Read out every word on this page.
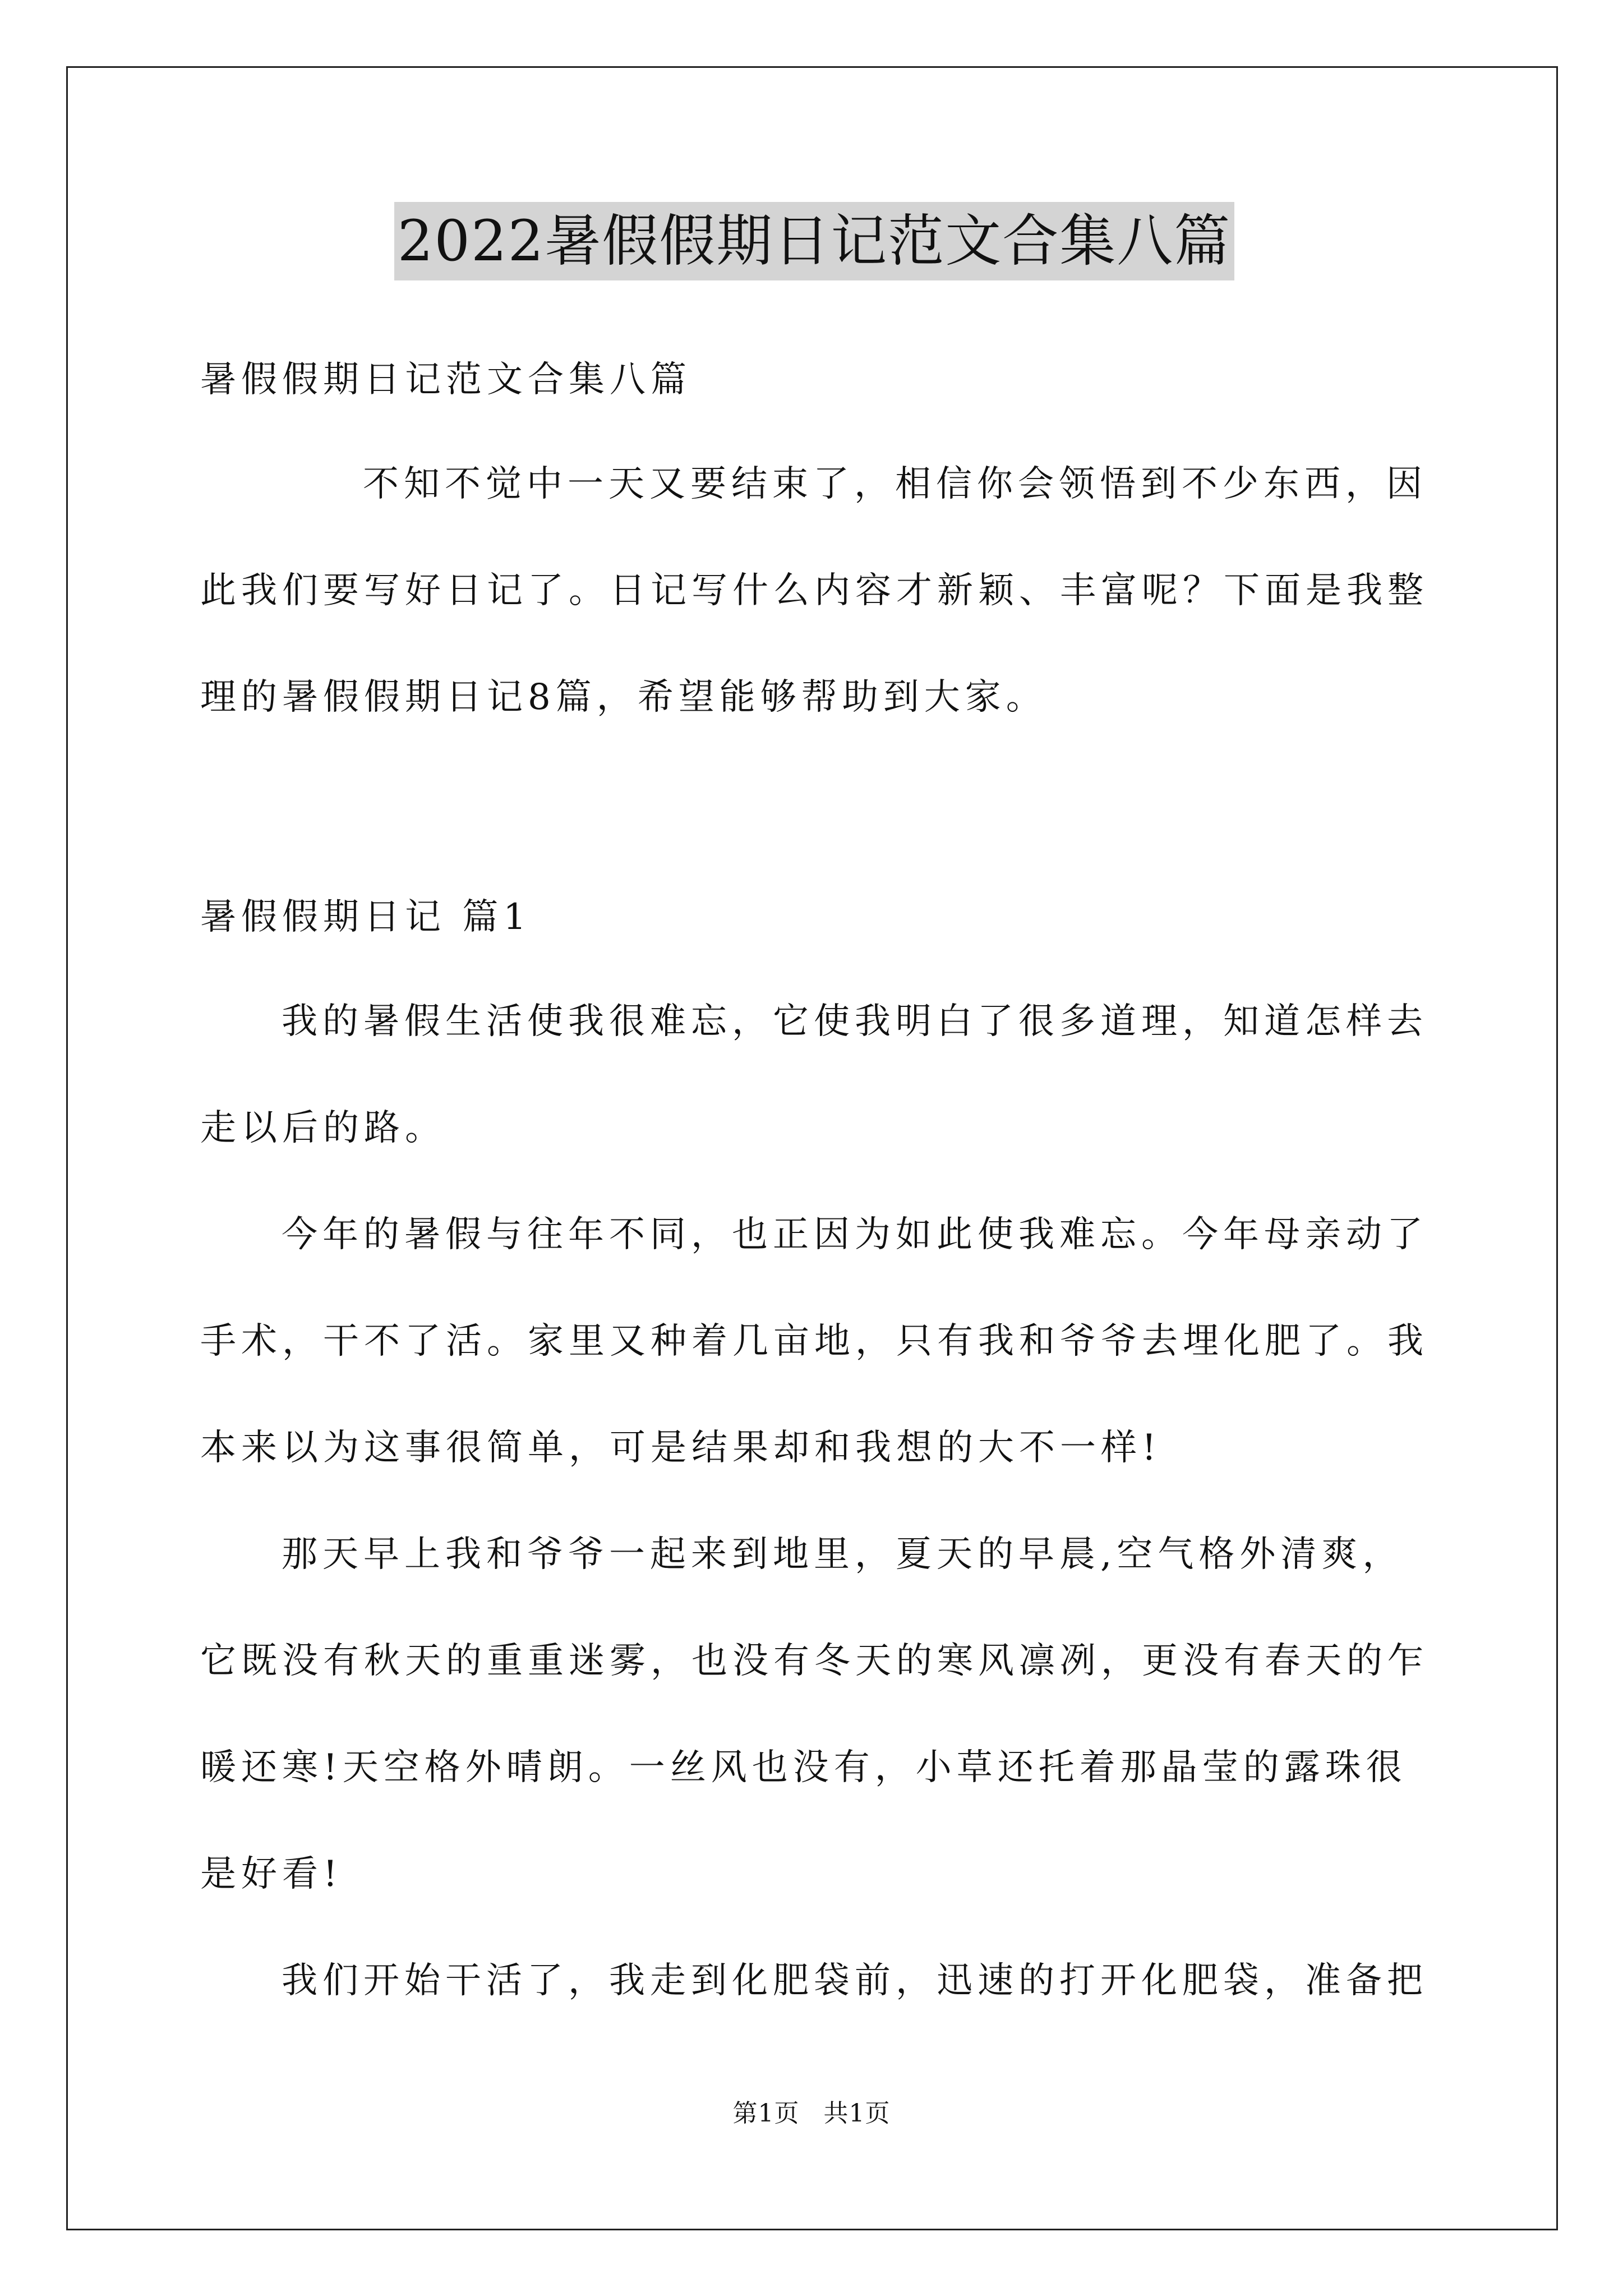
2022暑假假期日记范文合集八篇

暑假假期日记范文合集八篇

不知不觉中一天又要结束了，相信你会领悟到不少东西，因此我们要写好日记了。日记写什么内容才新颖、丰富呢？下面是我整理的暑假假期日记8篇，希望能够帮助到大家。

暑假假期日记 篇1

我的暑假生活使我很难忘，它使我明白了很多道理，知道怎样去走以后的路。

今年的暑假与往年不同，也正因为如此使我难忘。今年母亲动了手术，干不了活。家里又种着几亩地，只有我和爷爷去埋化肥了。我本来以为这事很简单，可是结果却和我想的大不一样!

那天早上我和爷爷一起来到地里，夏天的早晨,空气格外清爽，它既没有秋天的重重迷雾，也没有冬天的寒风凛冽，更没有春天的乍暖还寒!天空格外晴朗。一丝风也没有，小草还托着那晶莹的露珠很是好看!

我们开始干活了，我走到化肥袋前，迅速的打开化肥袋，准备把

第1页 共1页
